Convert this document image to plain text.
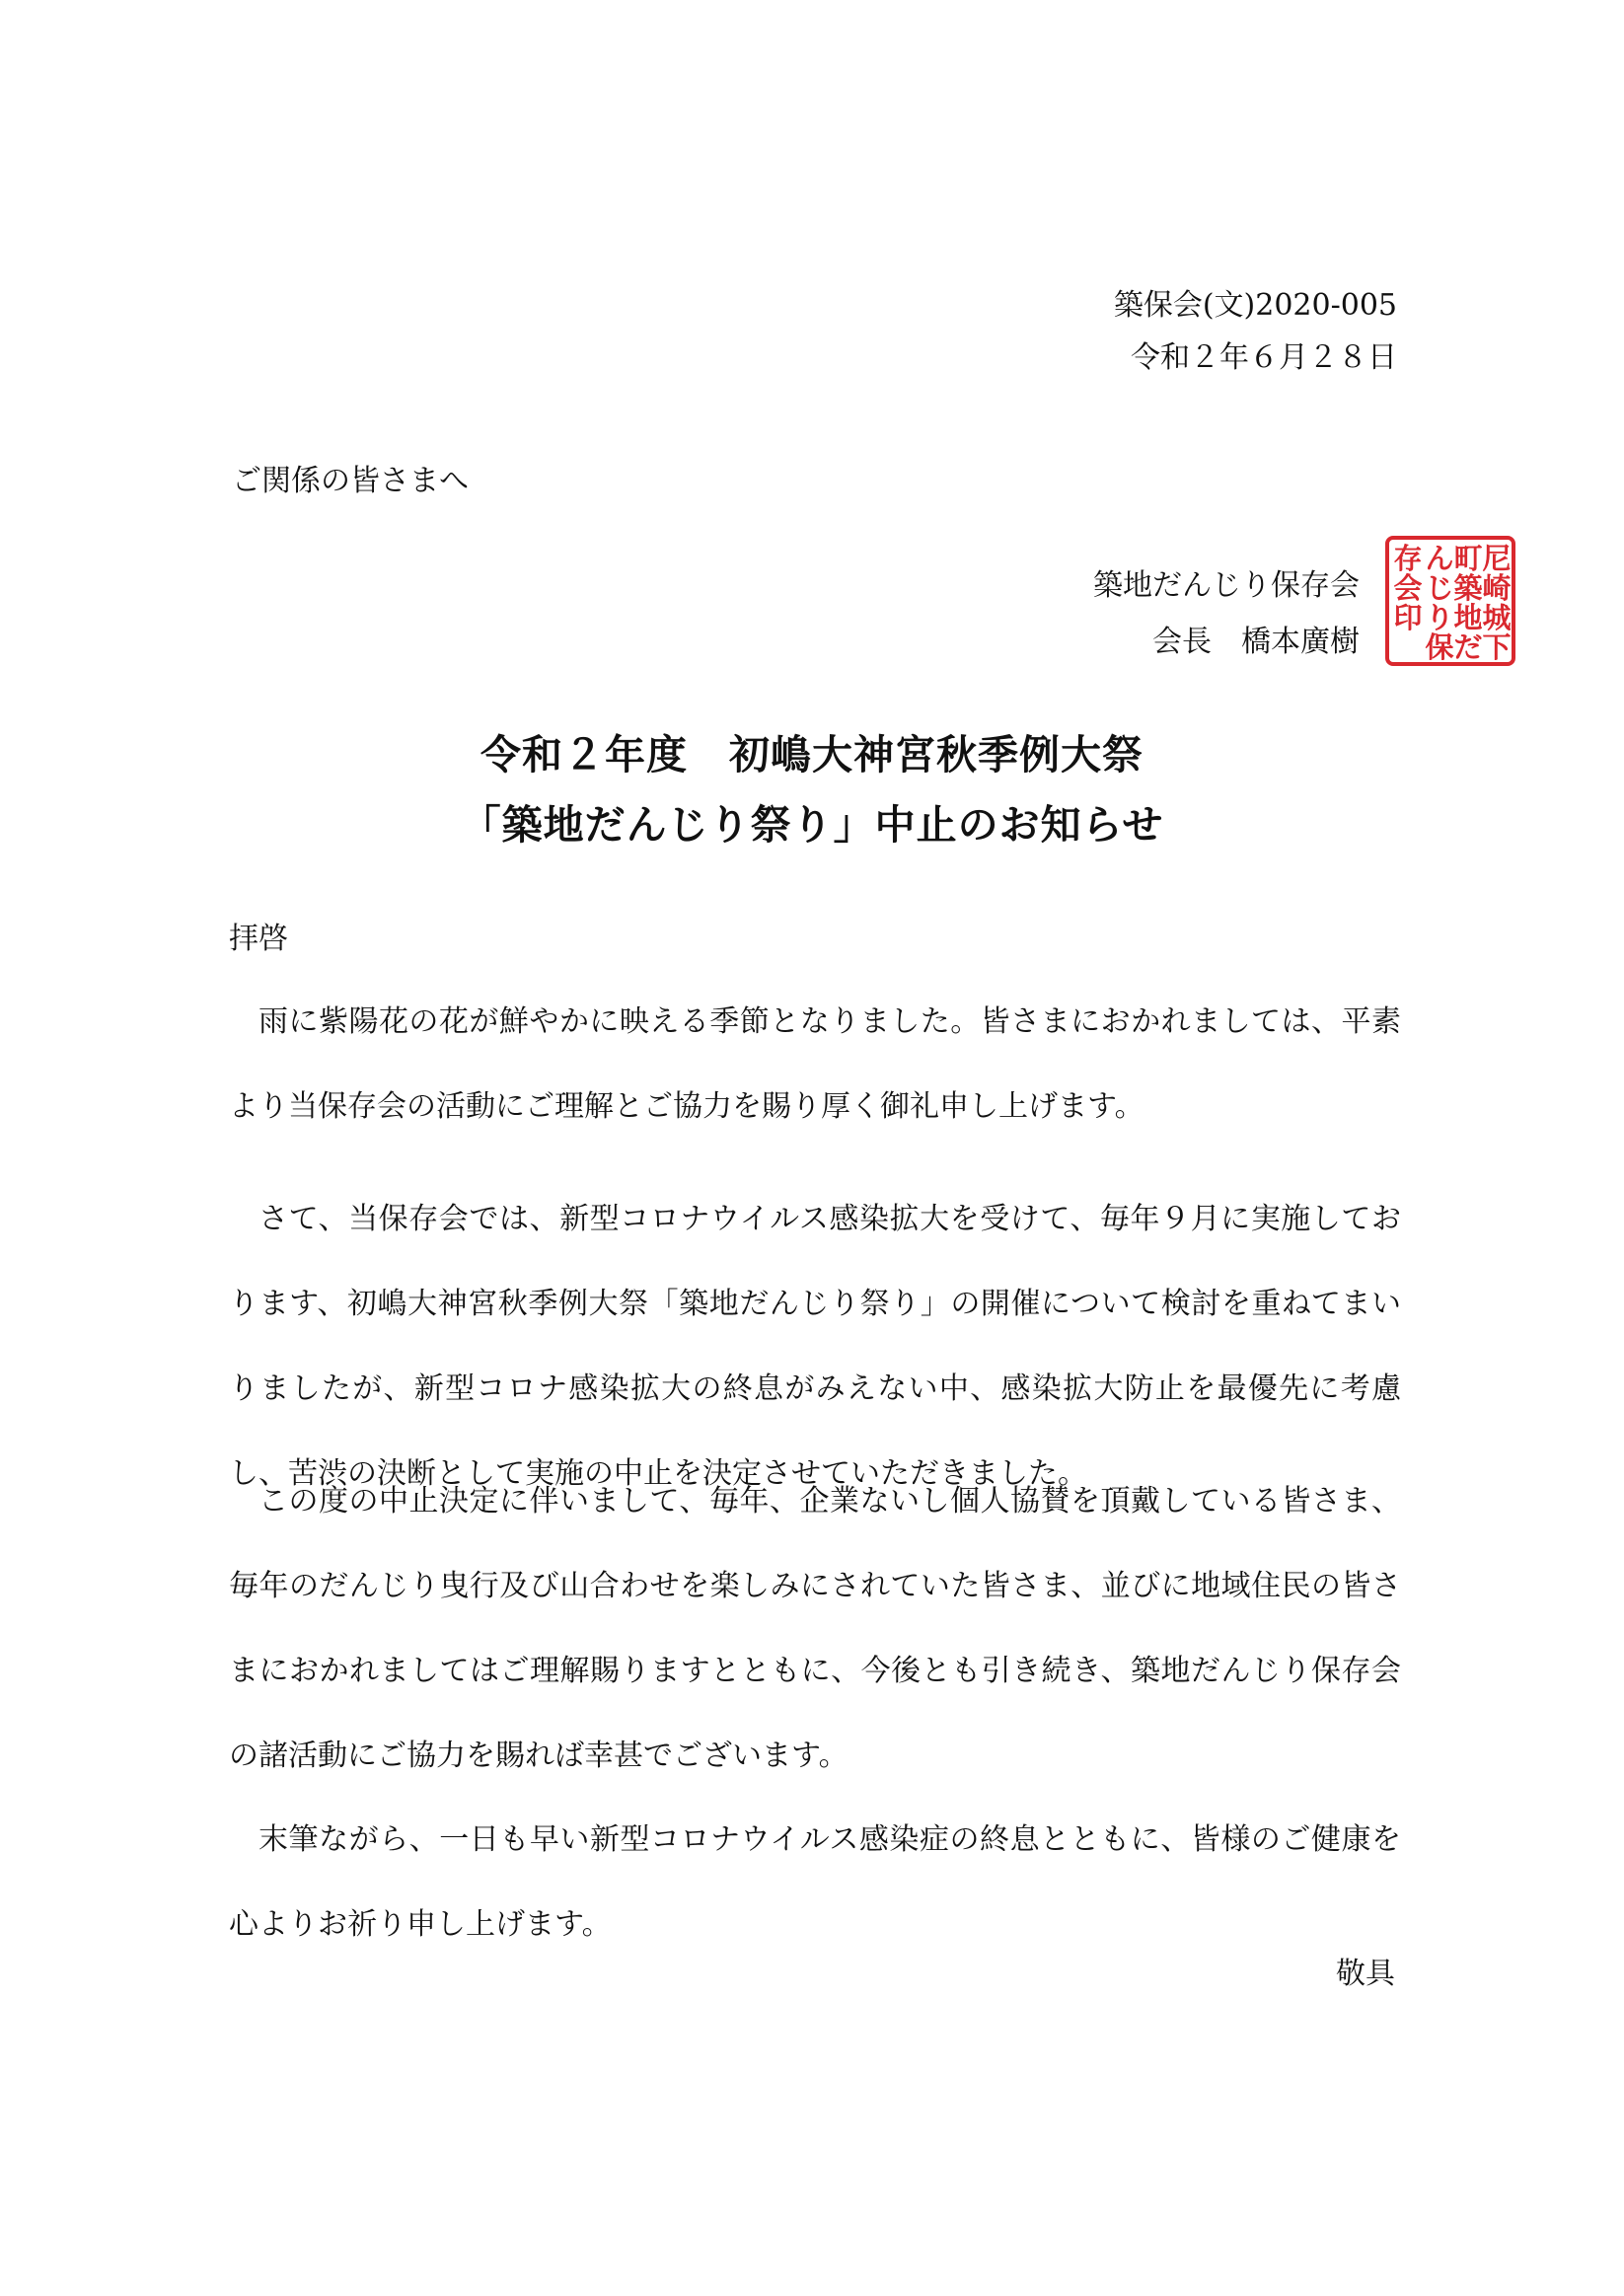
築保会(文)2020-005
令和２年６月２８日
ご関係の皆さまへ
築地だんじり保存会
会長　橋本廣樹
尼
崎
城
下
町
築
地
だ
ん
じ
り
保
存
会
印
令和２年度　初嶋大神宮秋季例大祭
「築地だんじり祭り」中止のお知らせ
拝啓

雨に紫陽花の花が鮮やかに映える季節となりました。皆さまにおかれましては、平素より当保存会の活動にご理解とご協力を賜り厚く御礼申し上げます。

さて、当保存会では、新型コロナウイルス感染拡大を受けて、毎年９月に実施しております、初嶋大神宮秋季例大祭「築地だんじり祭り」の開催について検討を重ねてまいりましたが、新型コロナ感染拡大の終息がみえない中、感染拡大防止を最優先に考慮し、苦渋の決断として実施の中止を決定させていただきました。

この度の中止決定に伴いまして、毎年、企業ないし個人協賛を頂戴している皆さま、毎年のだんじり曳行及び山合わせを楽しみにされていた皆さま、並びに地域住民の皆さまにおかれましてはご理解賜りますとともに、今後とも引き続き、築地だんじり保存会の諸活動にご協力を賜れば幸甚でございます。

末筆ながら、一日も早い新型コロナウイルス感染症の終息とともに、皆様のご健康を心よりお祈り申し上げます。

敬具
